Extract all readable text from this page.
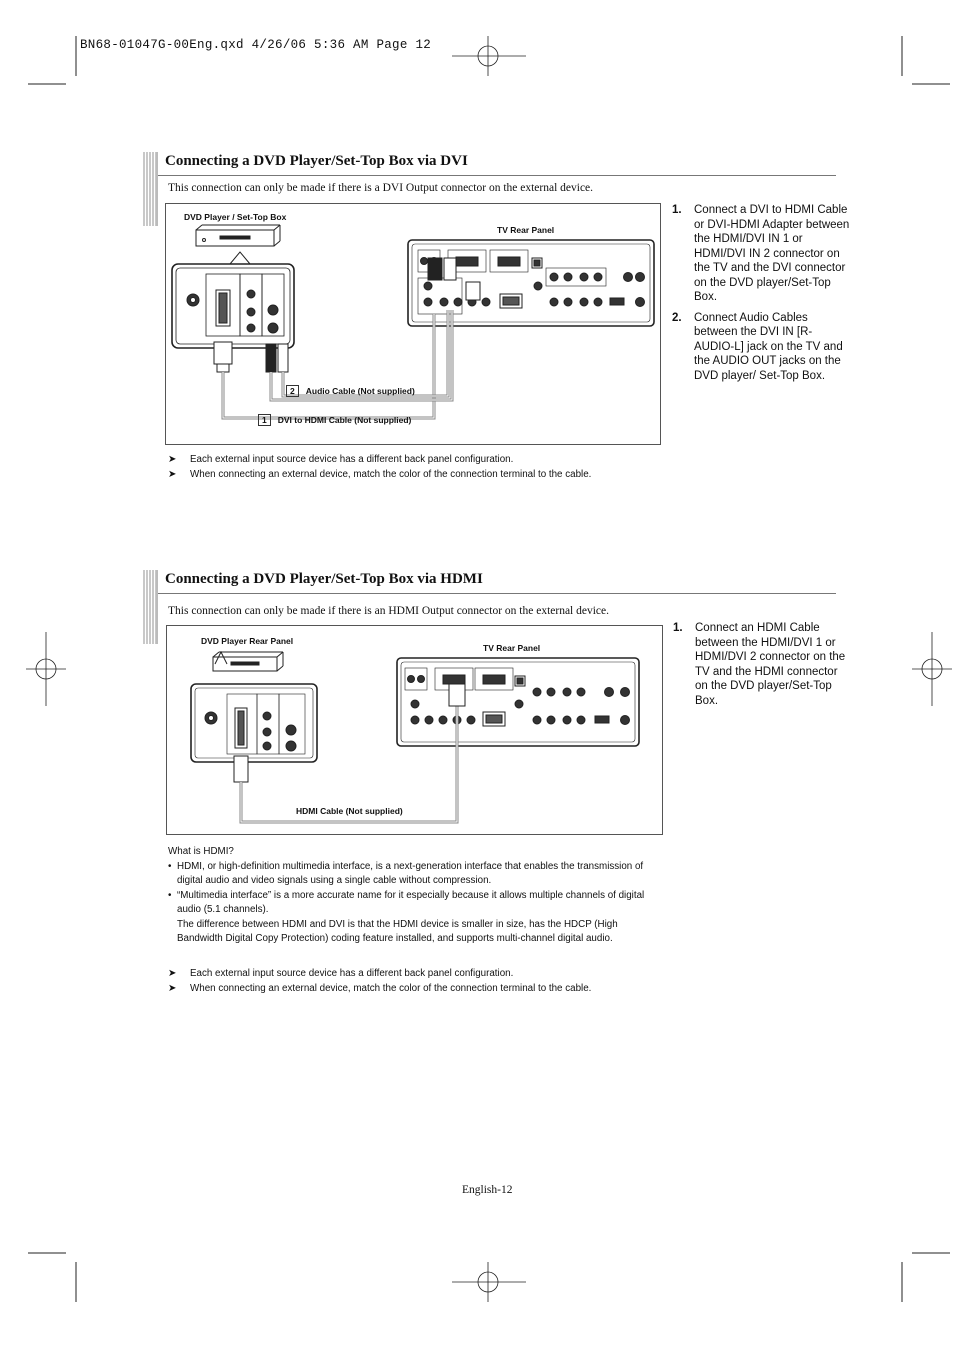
BN68-01047G-00Eng.qxd 4/26/06 5:36 AM Page 12
Connecting a DVD Player/Set-Top Box via DVI
This connection can only be made if there is a DVI Output connector on the external device.
DVD Player / Set-Top Box
TV Rear Panel
2 Audio Cable (Not supplied)
1 DVI to HDMI Cable (Not supplied)
1. Connect a DVI to HDMI Cable or DVI-HDMI Adapter between the HDMI/DVI IN 1 or HDMI/DVI IN 2 connector on the TV and the DVI connector on the DVD player/Set-Top Box.
2. Connect Audio Cables between the DVI IN [R-AUDIO-L] jack on the TV and the AUDIO OUT jacks on the DVD player/ Set-Top Box.
➤ Each external input source device has a different back panel configuration.
➤ When connecting an external device, match the color of the connection terminal to the cable.
Connecting a DVD Player/Set-Top Box via HDMI
This connection can only be made if there is an HDMI Output connector on the external device.
DVD Player Rear Panel
TV Rear Panel
HDMI Cable (Not supplied)
1. Connect an HDMI Cable between the HDMI/DVI 1 or HDMI/DVI 2 connector on the TV and the HDMI connector on the DVD player/Set-Top Box.
What is HDMI?
• HDMI, or high-definition multimedia interface, is a next-generation interface that enables the transmission of digital audio and video signals using a single cable without compression.
• “Multimedia interface” is a more accurate name for it especially because it allows multiple channels of digital audio (5.1 channels).
The difference between HDMI and DVI is that the HDMI device is smaller in size, has the HDCP (High Bandwidth Digital Copy Protection) coding feature installed, and supports multi-channel digital audio.
➤ Each external input source device has a different back panel configuration.
➤ When connecting an external device, match the color of the connection terminal to the cable.
English-12
